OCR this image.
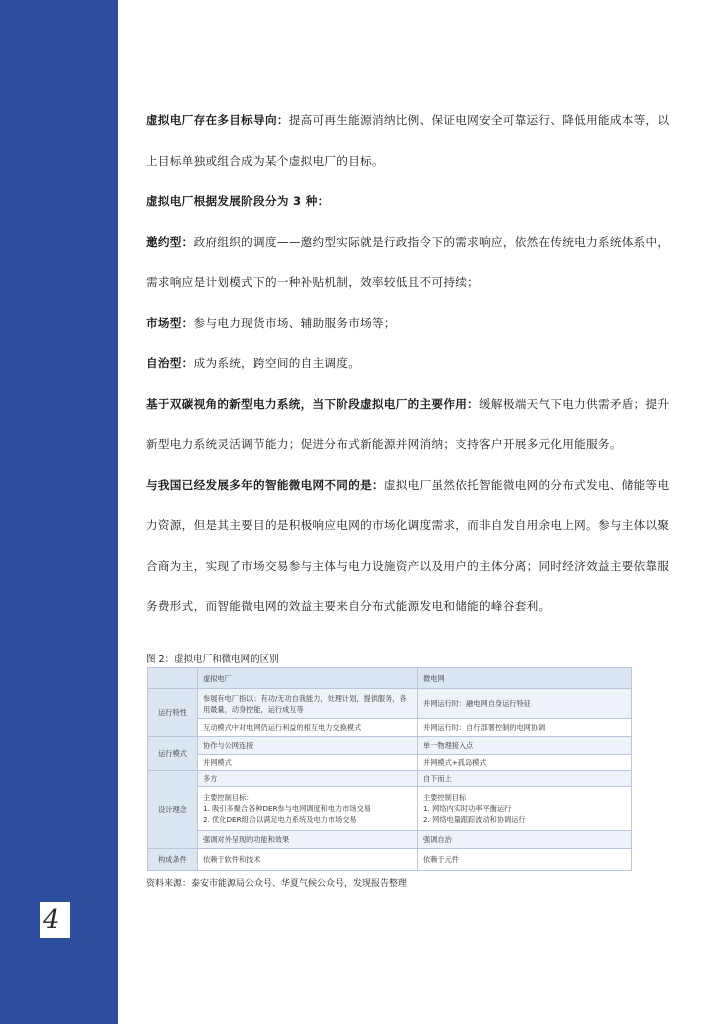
4

虚拟电厂存在多目标导向：提高可再生能源消纳比例、保证电网安全可靠运行、降低用能成本等，以上目标单独或组合成为某个虚拟电厂的目标。

虚拟电厂根据发展阶段分为 3 种：

邀约型：政府组织的调度——邀约型实际就是行政指令下的需求响应，依然在传统电力系统体系中，需求响应是计划模式下的一种补贴机制，效率较低且不可持续；

市场型：参与电力现货市场、辅助服务市场等；

自治型：成为系统，跨空间的自主调度。

基于双碳视角的新型电力系统，当下阶段虚拟电厂的主要作用：缓解极端天气下电力供需矛盾；提升新型电力系统灵活调节能力；促进分布式新能源并网消纳；支持客户开展多元化用能服务。

与我国已经发展多年的智能微电网不同的是：虚拟电厂虽然依托智能微电网的分布式发电、储能等电力资源，但是其主要目的是积极响应电网的市场化调度需求，而非自发自用余电上网。参与主体以聚合商为主，实现了市场交易参与主体与电力设施资产以及用户的主体分离；同时经济效益主要依靠服务费形式，而智能微电网的效益主要来自分布式能源发电和储能的峰谷套利。

图 2：虚拟电厂和微电网的区别
	虚拟电厂	微电网
运行特性	参展有电厂指以：有功/无功自我能力，处理计划，提供服务，各用最量，动身控能，运行成互等	并网运行时：融电网自身运行特征
	互动模式中对电网仍运行利益的相互电力交换模式	并网运行时：自行部署控制的电网协调
运行模式	协作与公网连接	单一物理接入点
	并网模式	并网模式+孤岛模式
设计理念	多方	自下而上
	主要控制目标：
1. 吸引多聚合各种DER参与电网调度和电力市场交易
2. 优化DER组合以满足电力系统及电力市场交易	主要控制目标
1. 网络内实时功率平衡运行
2. 网络电量跟踪波动和协调运行
	强调对外呈现的功能和效果	强调自治
构成条件	依赖于软件和技术	依赖于元件
资料来源：泰安市能源局公众号、华夏气候公众号，发现报告整理
